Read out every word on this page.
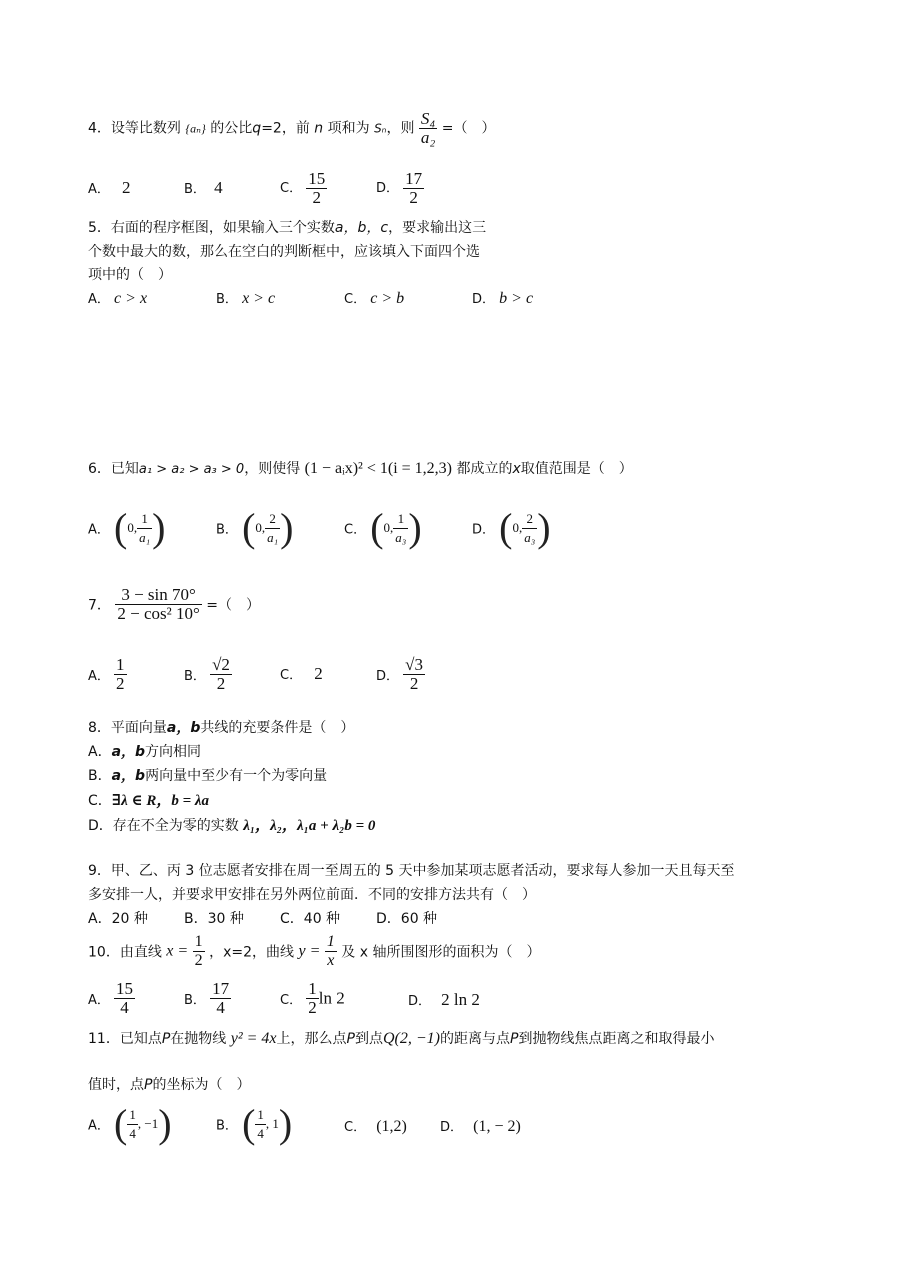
4．设等比数列 {aₙ} 的公比q=2，前 n 项和为 Sₙ，则 $\frac{\text{S₄}}{\text{a₂}}$ =（　）
A． 2	B． 4	C． $\frac{15}{2}$	D． $\frac{17}{2}$
5．右面的程序框图，如果输入三个实数a，b，c，要求输出这三
个数中最大的数，那么在空白的判断框中，应该填入下面四个选
项中的（　）
A． c > x	B． x > c	C． c > b	D． b > c
6．已知a₁ > a₂ > a₃ > 0，则使得 (1 − aᵢx)² < 1(i = 1,2,3) 都成立的x取值范围是（　）
A． (0, $\frac{1}{\text{a₁}}$ )	B． (0, $\frac{2}{\text{a₁}}$ )	C． (0, $\frac{1}{\text{a₃}}$ )	D． (0, $\frac{2}{\text{a₃}}$ )
7． $\frac{3 - \sin 70^\circ}{\text{2 − cos² 10°}}$ =（　）
A． $\frac{1}{2}$	B． $\frac{√2}{2}$	C． 2	D． $\frac{√3}{2}$
8．平面向量a，b共线的充要条件是（　）
A．a，b方向相同
B．a，b两向量中至少有一个为零向量
C．∃λ ∈ R，b = λa
D．存在不全为零的实数 λ₁，λ₂，λ₁a + λ₂b = 0
9．甲、乙、丙 3 位志愿者安排在周一至周五的 5 天中参加某项志愿者活动，要求每人参加一天且每天至
多安排一人，并要求甲安排在另外两位前面．不同的安排方法共有（　）
A．20 种	B．30 种	C．40 种	D．60 种
10．由直线 $x = \frac{1}{2}$ ，x=2，曲线 $y = \frac{1}{x}$ 及 x 轴所围图形的面积为（　）
A． $\frac{15}{4}$	B． $\frac{17}{4}$	C． $\frac{1}{2}$ ln 2	D． 2 ln 2
11．已知点P在抛物线 y² = 4x上，那么点P到点Q(2, −1)的距离与点P到抛物线焦点距离之和取得最小
值时，点P的坐标为（　）
A． ( $\frac{1}{4}$ , −1)	B． ( $\frac{1}{4}$ , 1)	C． (1,2)	D． (1, − 2)
